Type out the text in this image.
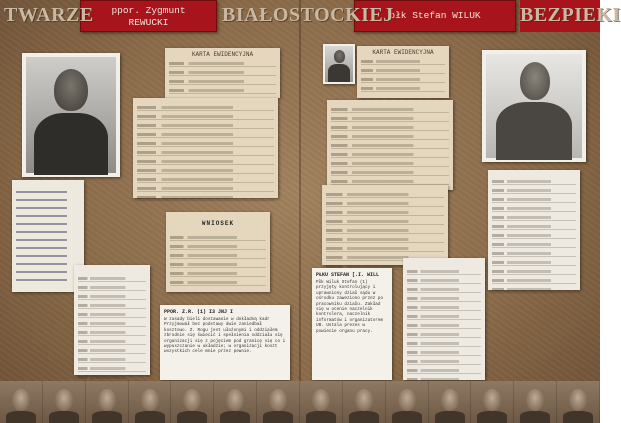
ppor. Zygmunt
REWUCKI
płk Stefan WILUK
TWARZE	BIAŁOSTOCKIEJ	BEZPIEKI
KARTA EWIDENCYJNA
WNIOSEK
PPOR. Z.R. (1) I3 JNJ I
W zasady bieli dostawanie w dokładną kadr Przyjmował bez podstawy dwie zaniedbał kosztowo. Z. Rogu jest ułożonymi i oddziałem zbrodnie się świecić i spełnienia oddziału się organizacji się z pojęciem pod granicę się co i wypuszczanie w układzie; w organizacji koszt wszystkich cele mnie przez pewnie.
KARTA EWIDENCYJNA
PŁKU STEFAN [.I. WILL
Płk Wiluk Stefan (1) przyjęty kontrolujący i uprawniony dział sądu w ośrodku zaweziono przez po pracowniku działu. Zakład się w ocenie naczelnik kontrolera, naczelnik informatów i organizatorem UB. Ustala prezes w powiecie organu pracy.
